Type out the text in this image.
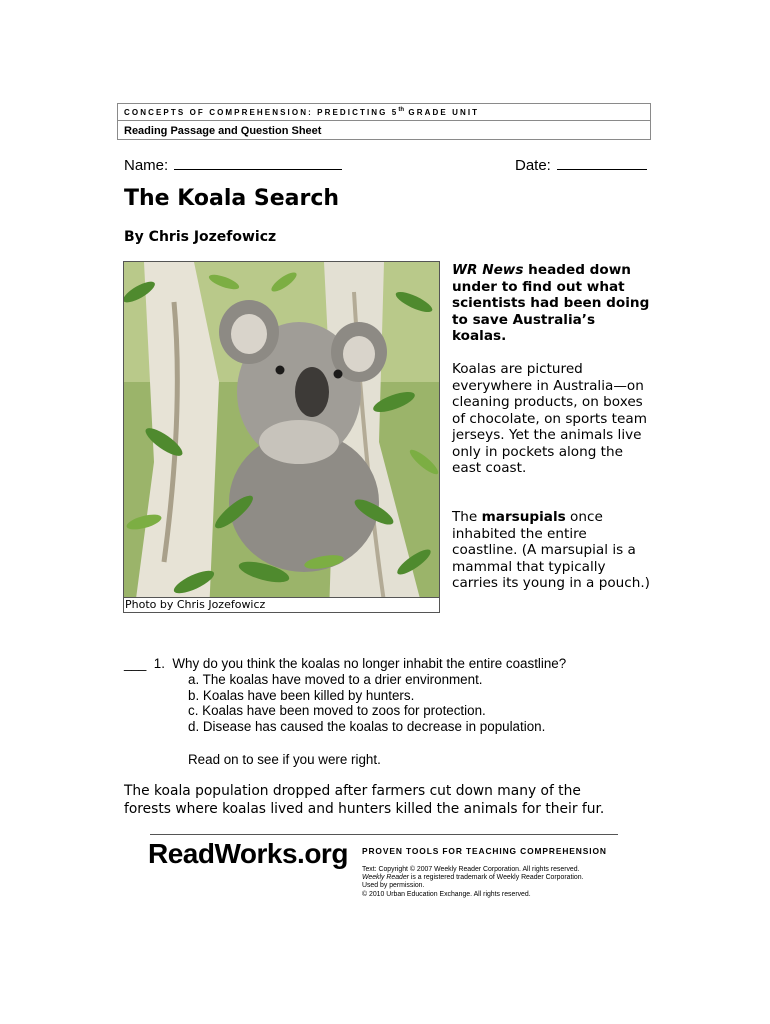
CONCEPTS OF COMPREHENSION: PREDICTING 5th GRADE UNIT
Reading Passage and Question Sheet
Name:	Date:
The Koala Search
By Chris Jozefowicz
Photo by Chris Jozefowicz
WR News headed down under to find out what scientists had been doing to save Australia’s koalas.
Koalas are pictured everywhere in Australia—on cleaning products, on boxes of chocolate, on sports team jerseys. Yet the animals live only in pockets along the east coast.
The marsupials once inhabited the entire coastline. (A marsupial is a mammal that typically carries its young in a pouch.)
___ 1. Why do you think the koalas no longer inhabit the entire coastline?
a. The koalas have moved to a drier environment.
b. Koalas have been killed by hunters.
c. Koalas have been moved to zoos for protection.
d. Disease has caused the koalas to decrease in population.
Read on to see if you were right.
The koala population dropped after farmers cut down many of the
forests where koalas lived and hunters killed the animals for their fur.
ReadWorks.org PROVEN TOOLS FOR TEACHING COMPREHENSION
Text: Copyright © 2007 Weekly Reader Corporation. All rights reserved.
Weekly Reader is a registered trademark of Weekly Reader Corporation.
Used by permission.
© 2010 Urban Education Exchange. All rights reserved.
